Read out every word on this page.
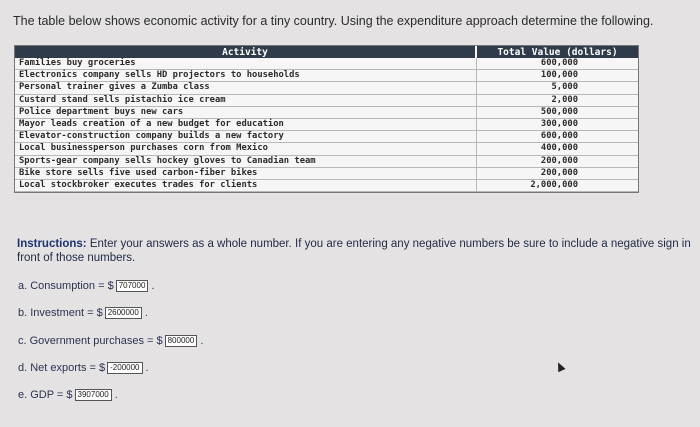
The table below shows economic activity for a tiny country. Using the expenditure approach determine the following.
Activity	Total Value (dollars)
Families buy groceries	600,000
Electronics company sells HD projectors to households	100,000
Personal trainer gives a Zumba class	5,000
Custard stand sells pistachio ice cream	2,000
Police department buys new cars	500,000
Mayor leads creation of a new budget for education	300,000
Elevator-construction company builds a new factory	600,000
Local businessperson purchases corn from Mexico	400,000
Sports-gear company sells hockey gloves to Canadian team	200,000
Bike store sells five used carbon-fiber bikes	200,000
Local stockbroker executes trades for clients	2,000,000
Instructions: Enter your answers as a whole number. If you are entering any negative numbers be sure to include a negative sign in front of those numbers.
a. Consumption = $ 707000 .
b. Investment = $ 2600000 .
c. Government purchases = $ 800000 .
d. Net exports = $ -200000 .
e. GDP = $ 3907000 .
